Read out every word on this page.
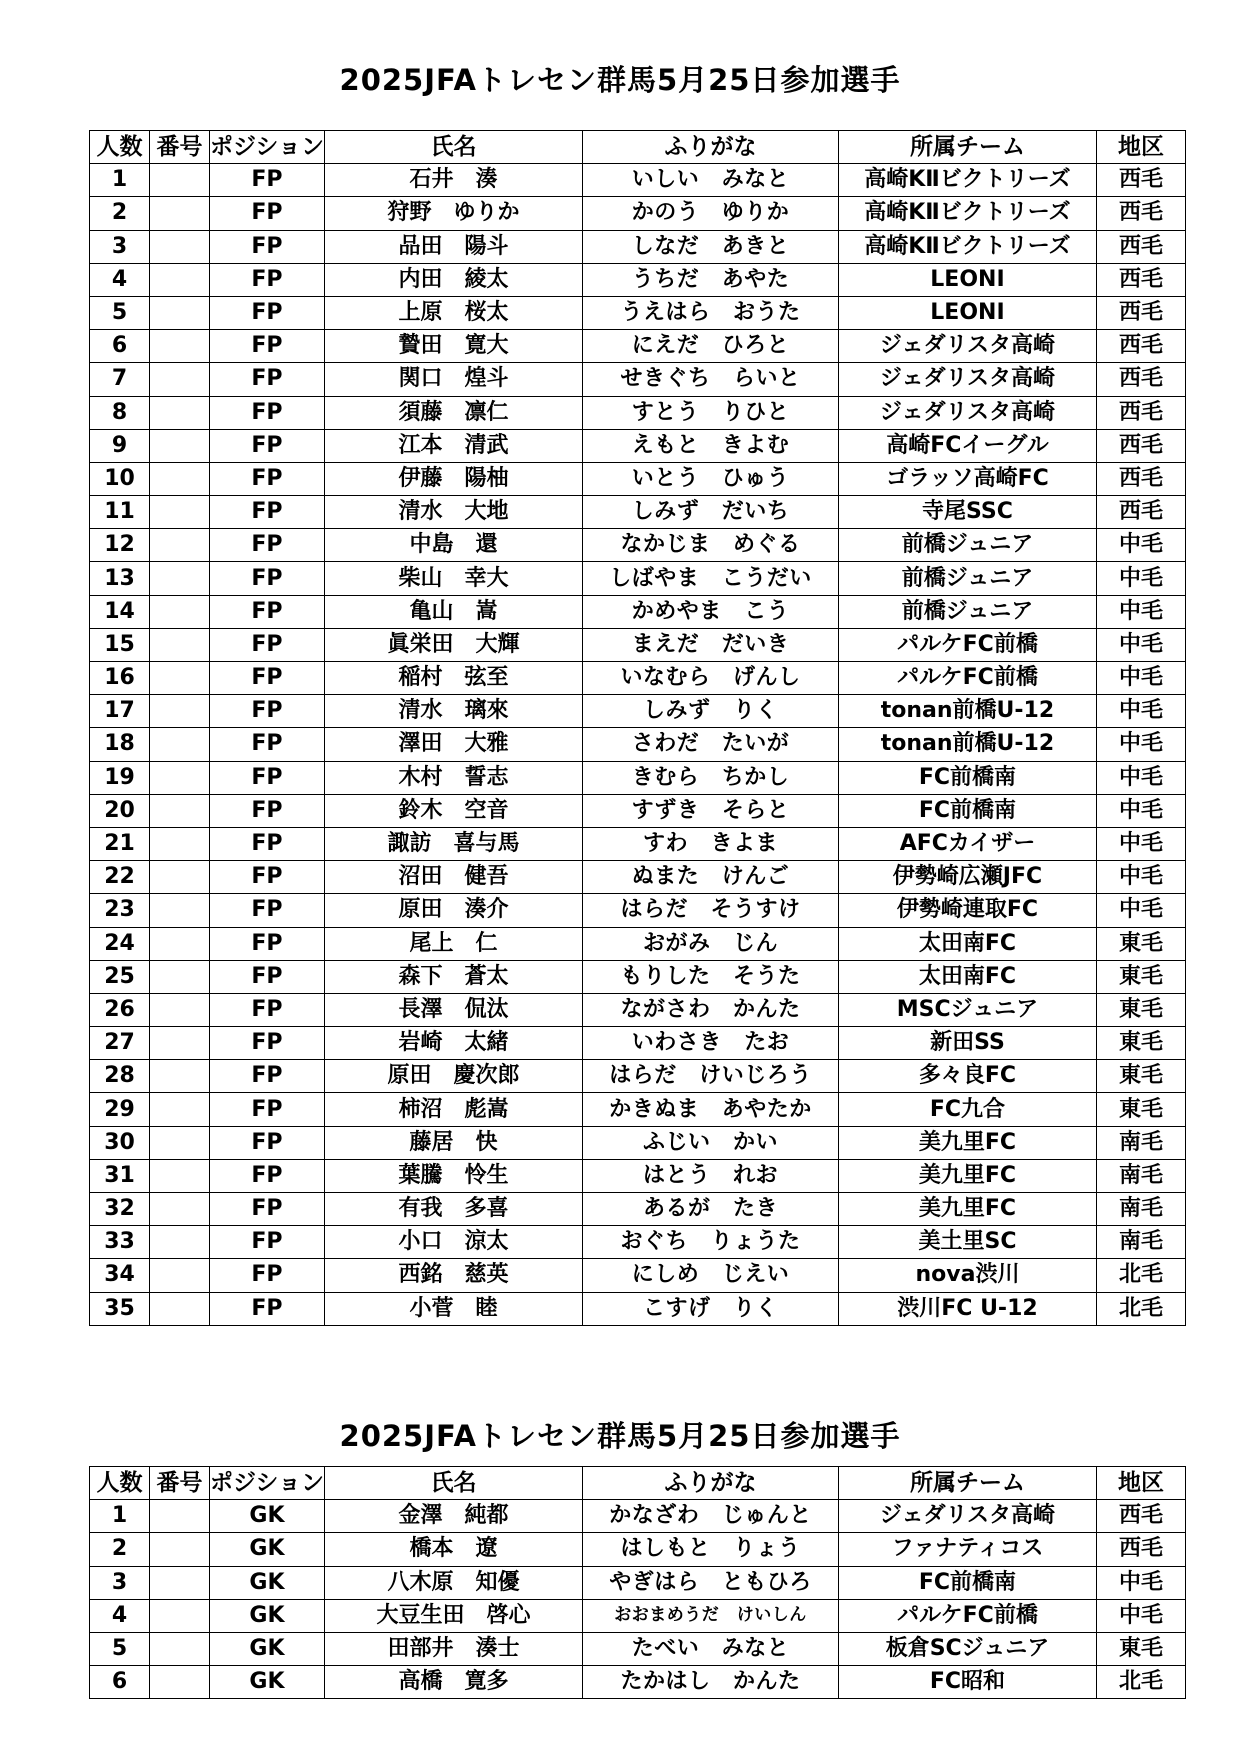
2025JFAトレセン群馬5月25日参加選手
人数	番号	ポジション	氏名	ふりがな	所属チーム	地区
1		FP	石井　湊	いしい　みなと	高崎KⅡビクトリーズ	西毛
2		FP	狩野　ゆりか	かのう　ゆりか	高崎KⅡビクトリーズ	西毛
3		FP	品田　陽斗	しなだ　あきと	高崎KⅡビクトリーズ	西毛
4		FP	内田　綾太	うちだ　あやた	LEONI	西毛
5		FP	上原　桜太	うえはら　おうた	LEONI	西毛
6		FP	贄田　寛大	にえだ　ひろと	ジェダリスタ高崎	西毛
7		FP	関口　煌斗	せきぐち　らいと	ジェダリスタ高崎	西毛
8		FP	須藤　凛仁	すとう　りひと	ジェダリスタ高崎	西毛
9		FP	江本　清武	えもと　きよむ	高崎FCイーグル	西毛
10		FP	伊藤　陽柚	いとう　ひゅう	ゴラッソ高崎FC	西毛
11		FP	清水　大地	しみず　だいち	寺尾SSC	西毛
12		FP	中島　還	なかじま　めぐる	前橋ジュニア	中毛
13		FP	柴山　幸大	しばやま　こうだい	前橋ジュニア	中毛
14		FP	亀山　嵩	かめやま　こう	前橋ジュニア	中毛
15		FP	眞栄田　大輝	まえだ　だいき	パルケFC前橋	中毛
16		FP	稲村　弦至	いなむら　げんし	パルケFC前橋	中毛
17		FP	清水　璃來	しみず　りく	tonan前橋U-12	中毛
18		FP	澤田　大雅	さわだ　たいが	tonan前橋U-12	中毛
19		FP	木村　誓志	きむら　ちかし	FC前橋南	中毛
20		FP	鈴木　空音	すずき　そらと	FC前橋南	中毛
21		FP	諏訪　喜与馬	すわ　きよま	AFCカイザー	中毛
22		FP	沼田　健吾	ぬまた　けんご	伊勢崎広瀬JFC	中毛
23		FP	原田　湊介	はらだ　そうすけ	伊勢崎連取FC	中毛
24		FP	尾上　仁	おがみ　じん	太田南FC	東毛
25		FP	森下　蒼太	もりした　そうた	太田南FC	東毛
26		FP	長澤　侃汰	ながさわ　かんた	MSCジュニア	東毛
27		FP	岩崎　太緒	いわさき　たお	新田SS	東毛
28		FP	原田　慶次郎	はらだ　けいじろう	多々良FC	東毛
29		FP	柿沼　彪嵩	かきぬま　あやたか	FC九合	東毛
30		FP	藤居　快	ふじい　かい	美九里FC	南毛
31		FP	葉騰　怜生	はとう　れお	美九里FC	南毛
32		FP	有我　多喜	あるが　たき	美九里FC	南毛
33		FP	小口　涼太	おぐち　りょうた	美土里SC	南毛
34		FP	西銘　慈英	にしめ　じえい	nova渋川	北毛
35		FP	小菅　睦	こすげ　りく	渋川FC U-12	北毛
2025JFAトレセン群馬5月25日参加選手
人数	番号	ポジション	氏名	ふりがな	所属チーム	地区
1		GK	金澤　純都	かなざわ　じゅんと	ジェダリスタ高崎	西毛
2		GK	橋本　遼	はしもと　りょう	ファナティコス	西毛
3		GK	八木原　知優	やぎはら　ともひろ	FC前橋南	中毛
4		GK	大豆生田　啓心	おおまめうだ　けいしん	パルケFC前橋	中毛
5		GK	田部井　湊士	たべい　みなと	板倉SCジュニア	東毛
6		GK	高橋　寛多	たかはし　かんた	FC昭和	北毛
